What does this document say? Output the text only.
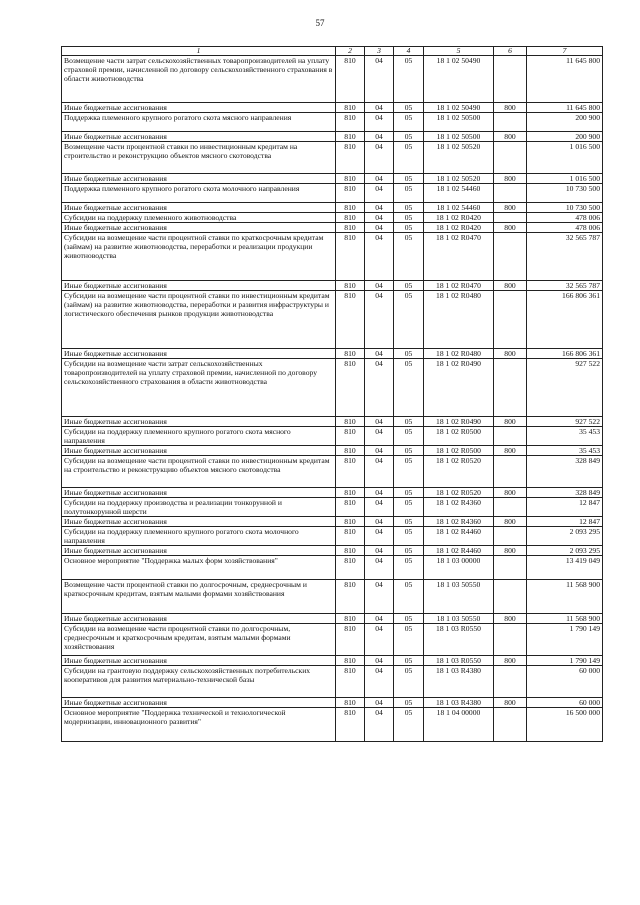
57
1	2	3	4	5	6	7
Возмещение части затрат сельскохозяйственных товаропроизводителей на уплату страховой премии, начисленной по договору сельскохозяйственного страхования в области животноводства	810	04	05	18 1 02 50490		11 645 800
Иные бюджетные ассигнования	810	04	05	18 1 02 50490	800	11 645 800
Поддержка племенного крупного рогатого скота мясного направления	810	04	05	18 1 02 50500		200 900
Иные бюджетные ассигнования	810	04	05	18 1 02 50500	800	200 900
Возмещение части процентной ставки по инвестиционным кредитам на строительство и реконструкцию объектов мясного скотоводства	810	04	05	18 1 02 50520		1 016 500
Иные бюджетные ассигнования	810	04	05	18 1 02 50520	800	1 016 500
Поддержка племенного крупного рогатого скота молочного направления	810	04	05	18 1 02 54460		10 730 500
Иные бюджетные ассигнования	810	04	05	18 1 02 54460	800	10 730 500
Субсидии на поддержку племенного животноводства	810	04	05	18 1 02 R0420		478 006
Иные бюджетные ассигнования	810	04	05	18 1 02 R0420	800	478 006
Субсидии на возмещение части процентной ставки по краткосрочным кредитам (займам) на развитие животноводства, переработки и реализации продукции животноводства	810	04	05	18 1 02 R0470		32 565 787
Иные бюджетные ассигнования	810	04	05	18 1 02 R0470	800	32 565 787
Субсидии на возмещение части процентной ставки по инвестиционным кредитам (займам) на развитие животноводства, переработки и развития инфраструктуры и логистического обеспечения рынков продукции животноводства	810	04	05	18 1 02 R0480		166 806 361
Иные бюджетные ассигнования	810	04	05	18 1 02 R0480	800	166 806 361
Субсидии на возмещение части затрат сельскохозяйственных товаропроизводителей на уплату страховой премии, начисленной по договору сельскохозяйственного страхования в области животноводства	810	04	05	18 1 02 R0490		927 522
Иные бюджетные ассигнования	810	04	05	18 1 02 R0490	800	927 522
Субсидии на поддержку племенного крупного рогатого скота мясного направления	810	04	05	18 1 02 R0500		35 453
Иные бюджетные ассигнования	810	04	05	18 1 02 R0500	800	35 453
Субсидии на возмещение части процентной ставки по инвестиционным кредитам на строительство и реконструкцию объектов мясного скотоводства	810	04	05	18 1 02 R0520		328 849
Иные бюджетные ассигнования	810	04	05	18 1 02 R0520	800	328 849
Субсидии на поддержку производства и реализации тонкорунной и полутонкорунной шерсти	810	04	05	18 1 02 R4360		12 847
Иные бюджетные ассигнования	810	04	05	18 1 02 R4360	800	12 847
Субсидии на поддержку племенного крупного рогатого скота молочного направления	810	04	05	18 1 02 R4460		2 093 295
Иные бюджетные ассигнования	810	04	05	18 1 02 R4460	800	2 093 295
Основное мероприятие "Поддержка малых форм хозяйствования"	810	04	05	18 1 03 00000		13 419 049
Возмещение части процентной ставки по долгосрочным, среднесрочным и краткосрочным кредитам, взятым малыми формами хозяйствования	810	04	05	18 1 03 50550		11 568 900
Иные бюджетные ассигнования	810	04	05	18 1 03 50550	800	11 568 900
Субсидии на возмещение части процентной ставки по долгосрочным, среднесрочным и краткосрочным кредитам, взятым малыми формами хозяйствования	810	04	05	18 1 03 R0550		1 790 149
Иные бюджетные ассигнования	810	04	05	18 1 03 R0550	800	1 790 149
Субсидии на грантовую поддержку сельскохозяйственных потребительских кооперативов для развития материально-технической базы	810	04	05	18 1 03 R4380		60 000
Иные бюджетные ассигнования	810	04	05	18 1 03 R4380	800	60 000
Основное мероприятие "Поддержка технической и технологической модернизации, инновационного развития"	810	04	05	18 1 04 00000		16 500 000
